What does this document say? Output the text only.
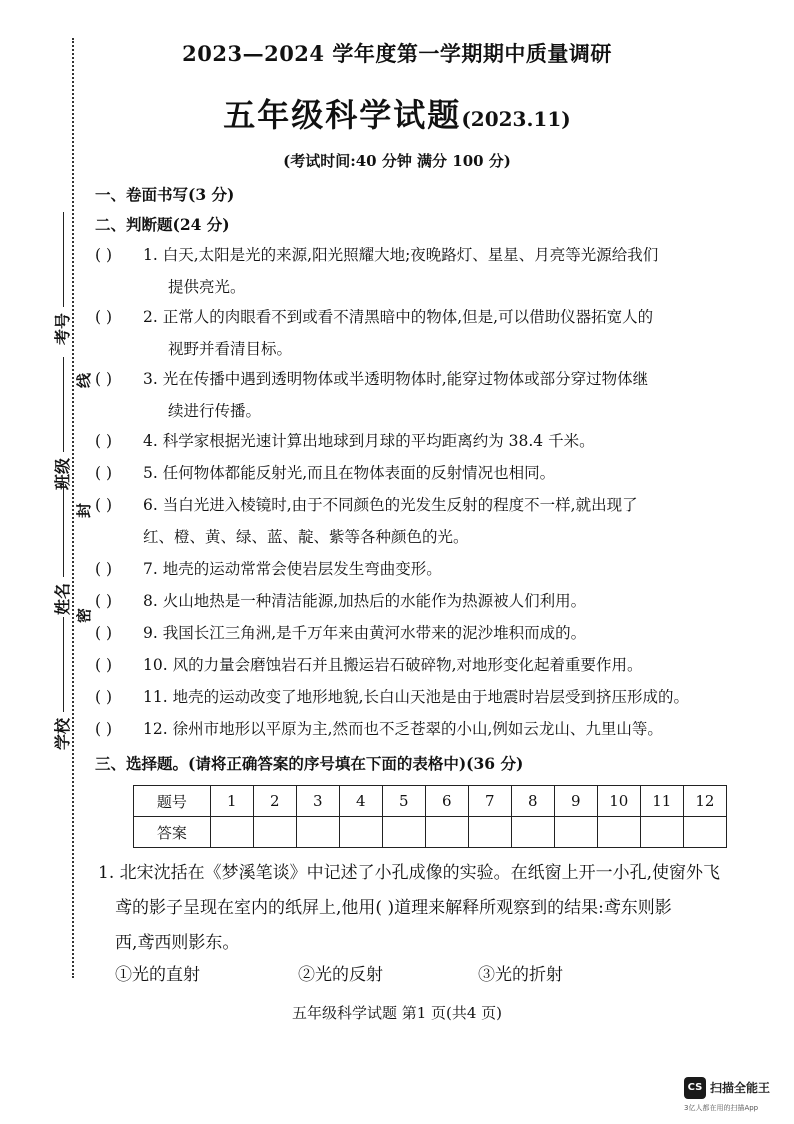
2023—2024 学年度第一学期期中质量调研
五年级科学试题(2023.11)
(考试时间:40 分钟 满分 100 分)
考号
班级
姓名
学校
线
封
密
一、卷面书写(3 分)
二、判断题(24 分)
( ) 1. 白天,太阳是光的来源,阳光照耀大地;夜晚路灯、星星、月亮等光源给我们
提供亮光。
( ) 2. 正常人的肉眼看不到或看不清黑暗中的物体,但是,可以借助仪器拓宽人的
视野并看清目标。
( ) 3. 光在传播中遇到透明物体或半透明物体时,能穿过物体或部分穿过物体继
续进行传播。
( ) 4. 科学家根据光速计算出地球到月球的平均距离约为 38.4 千米。
( ) 5. 任何物体都能反射光,而且在物体表面的反射情况也相同。
( ) 6. 当白光进入棱镜时,由于不同颜色的光发生反射的程度不一样,就出现了
红、橙、黄、绿、蓝、靛、紫等各种颜色的光。
( ) 7. 地壳的运动常常会使岩层发生弯曲变形。
( ) 8. 火山地热是一种清洁能源,加热后的水能作为热源被人们利用。
( ) 9. 我国长江三角洲,是千万年来由黄河水带来的泥沙堆积而成的。
( ) 10. 风的力量会磨蚀岩石并且搬运岩石破碎物,对地形变化起着重要作用。
( ) 11. 地壳的运动改变了地形地貌,长白山天池是由于地震时岩层受到挤压形成的。
( ) 12. 徐州市地形以平原为主,然而也不乏苍翠的小山,例如云龙山、九里山等。
三、选择题。(请将正确答案的序号填在下面的表格中)(36 分)
题号	1	2	3	4	5	6	7	8	9	10	11	12
答案												
1. 北宋沈括在《梦溪笔谈》中记述了小孔成像的实验。在纸窗上开一小孔,使窗外飞
鸢的影子呈现在室内的纸屏上,他用( )道理来解释所观察到的结果:鸢东则影
西,鸢西则影东。
①光的直射	②光的反射	③光的折射
五年级科学试题 第1 页(共4 页)
CS 扫描全能王
3亿人都在用的扫描App
